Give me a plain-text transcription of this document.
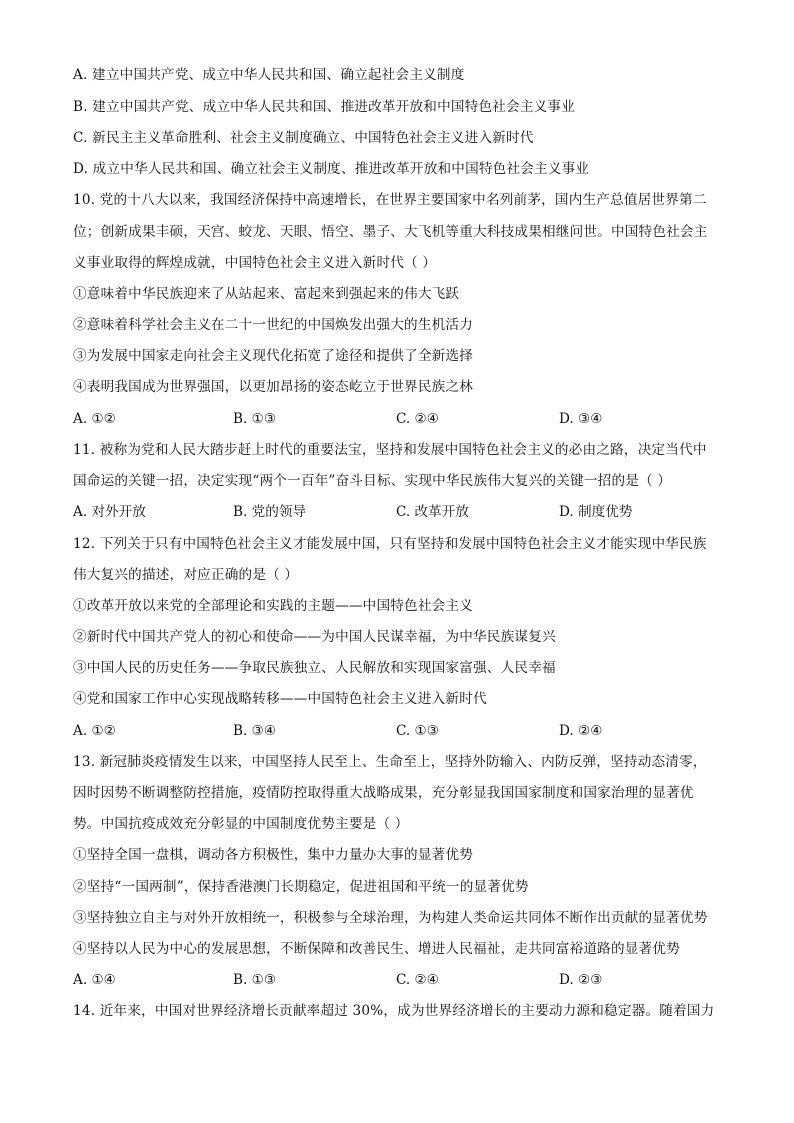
A. 建立中国共产党、成立中华人民共和国、确立起社会主义制度
B. 建立中国共产党、成立中华人民共和国、推进改革开放和中国特色社会主义事业
C. 新民主主义革命胜利、社会主义制度确立、中国特色社会主义进入新时代
D. 成立中华人民共和国、确立社会主义制度、推进改革开放和中国特色社会主义事业
10. 党的十八大以来，我国经济保持中高速增长，在世界主要国家中名列前茅，国内生产总值居世界第二
位；创新成果丰硕，天宫、蛟龙、天眼、悟空、墨子、大飞机等重大科技成果相继问世。中国特色社会主
义事业取得的辉煌成就，中国特色社会主义进入新时代（ ）
①意味着中华民族迎来了从站起来、富起来到强起来的伟大飞跃
②意味着科学社会主义在二十一世纪的中国焕发出强大的生机活力
③为发展中国家走向社会主义现代化拓宽了途径和提供了全新选择
④表明我国成为世界强国，以更加昂扬的姿态屹立于世界民族之林
A. ①②	B. ①③	C. ②④	D. ③④
11. 被称为党和人民大踏步赶上时代的重要法宝，坚持和发展中国特色社会主义的必由之路，决定当代中
国命运的关键一招，决定实现“两个一百年”奋斗目标、实现中华民族伟大复兴的关键一招的是（ ）
A. 对外开放	B. 党的领导	C. 改革开放	D. 制度优势
12. 下列关于只有中国特色社会主义才能发展中国，只有坚持和发展中国特色社会主义才能实现中华民族
伟大复兴的描述，对应正确的是（ ）
①改革开放以来党的全部理论和实践的主题——中国特色社会主义
②新时代中国共产党人的初心和使命——为中国人民谋幸福，为中华民族谋复兴
③中国人民的历史任务——争取民族独立、人民解放和实现国家富强、人民幸福
④党和国家工作中心实现战略转移——中国特色社会主义进入新时代
A. ①②	B. ③④	C. ①③	D. ②④
13. 新冠肺炎疫情发生以来，中国坚持人民至上、生命至上，坚持外防输入、内防反弹，坚持动态清零，
因时因势不断调整防控措施，疫情防控取得重大战略成果，充分彰显我国国家制度和国家治理的显著优
势。中国抗疫成效充分彰显的中国制度优势主要是（ ）
①坚持全国一盘棋，调动各方积极性，集中力量办大事的显著优势
②坚持“一国两制”，保持香港澳门长期稳定，促进祖国和平统一的显著优势
③坚持独立自主与对外开放相统一，积极参与全球治理，为构建人类命运共同体不断作出贡献的显著优势
④坚持以人民为中心的发展思想，不断保障和改善民生、增进人民福祉，走共同富裕道路的显著优势
A. ①④	B. ①③	C. ②④	D. ②③
14. 近年来，中国对世界经济增长贡献率超过 30%，成为世界经济增长的主要动力源和稳定器。随着国力
